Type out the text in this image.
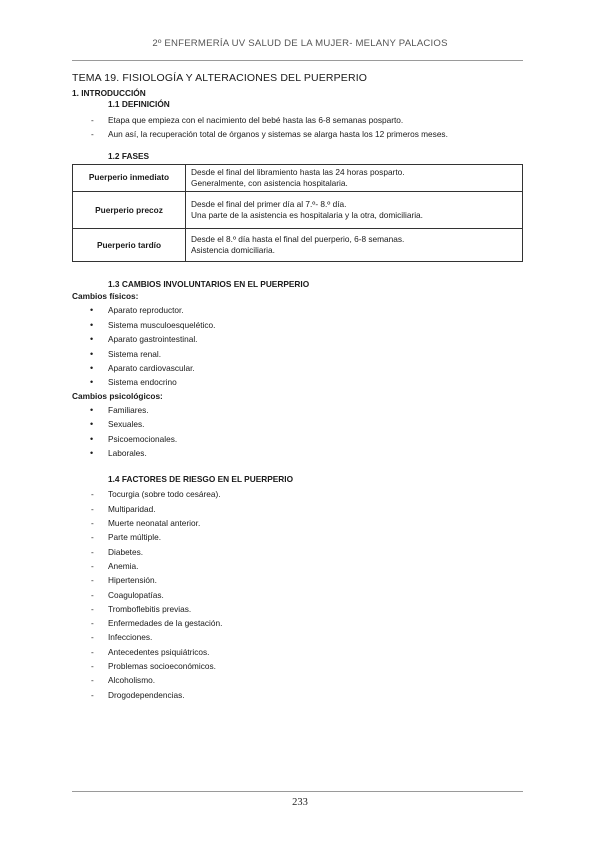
2º ENFERMERÍA UV SALUD DE LA MUJER- MELANY PALACIOS
TEMA 19. FISIOLOGÍA Y ALTERACIONES DEL PUERPERIO
1. INTRODUCCIÓN
1.1 DEFINICIÓN
- Etapa que empieza con el nacimiento del bebé hasta las 6-8 semanas posparto.
- Aun así, la recuperación total de órganos y sistemas se alarga hasta los 12 primeros meses.
1.2 FASES
Puerperio inmediato	Desde el final del libramiento hasta las 24 horas posparto.
Generalmente, con asistencia hospitalaria.

Puerperio precoz	Desde el final del primer día al 7.º- 8.º día.
Una parte de la asistencia es hospitalaria y la otra, domiciliaria.

Puerperio tardío	Desde el 8.º día hasta el final del puerperio, 6-8 semanas.
Asistencia domiciliaria.
1.3 CAMBIOS INVOLUNTARIOS EN EL PUERPERIO
Cambios físicos:
• Aparato reproductor.
• Sistema musculoesquelético.
• Aparato gastrointestinal.
• Sistema renal.
• Aparato cardiovascular.
• Sistema endocrino
Cambios psicológicos:
• Familiares.
• Sexuales.
• Psicoemocionales.
• Laborales.
1.4 FACTORES DE RIESGO EN EL PUERPERIO
- Tocurgia (sobre todo cesárea).
- Multiparidad.
- Muerte neonatal anterior.
- Parte múltiple.
- Diabetes.
- Anemia.
- Hipertensión.
- Coagulopatías.
- Tromboflebitis previas.
- Enfermedades de la gestación.
- Infecciones.
- Antecedentes psiquiátricos.
- Problemas socioeconómicos.
- Alcoholismo.
- Drogodependencias.
233
